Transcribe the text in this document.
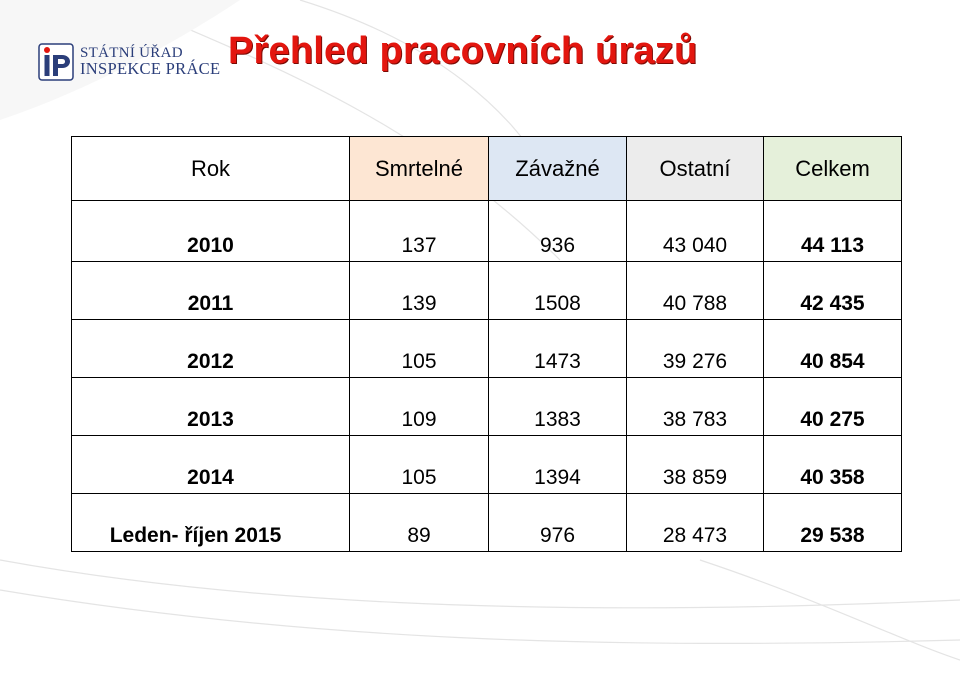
STÁTNÍ ÚŘAD
INSPEKCE PRÁCE Přehled pracovních úrazů
Rok	Smrtelné	Závažné	Ostatní	Celkem
2010	137	936	43 040	44 113
2011	139	1508	40 788	42 435
2012	105	1473	39 276	40 854
2013	109	1383	38 783	40 275
2014	105	1394	38 859	40 358
Leden- říjen 2015	89	976	28 473	29 538
